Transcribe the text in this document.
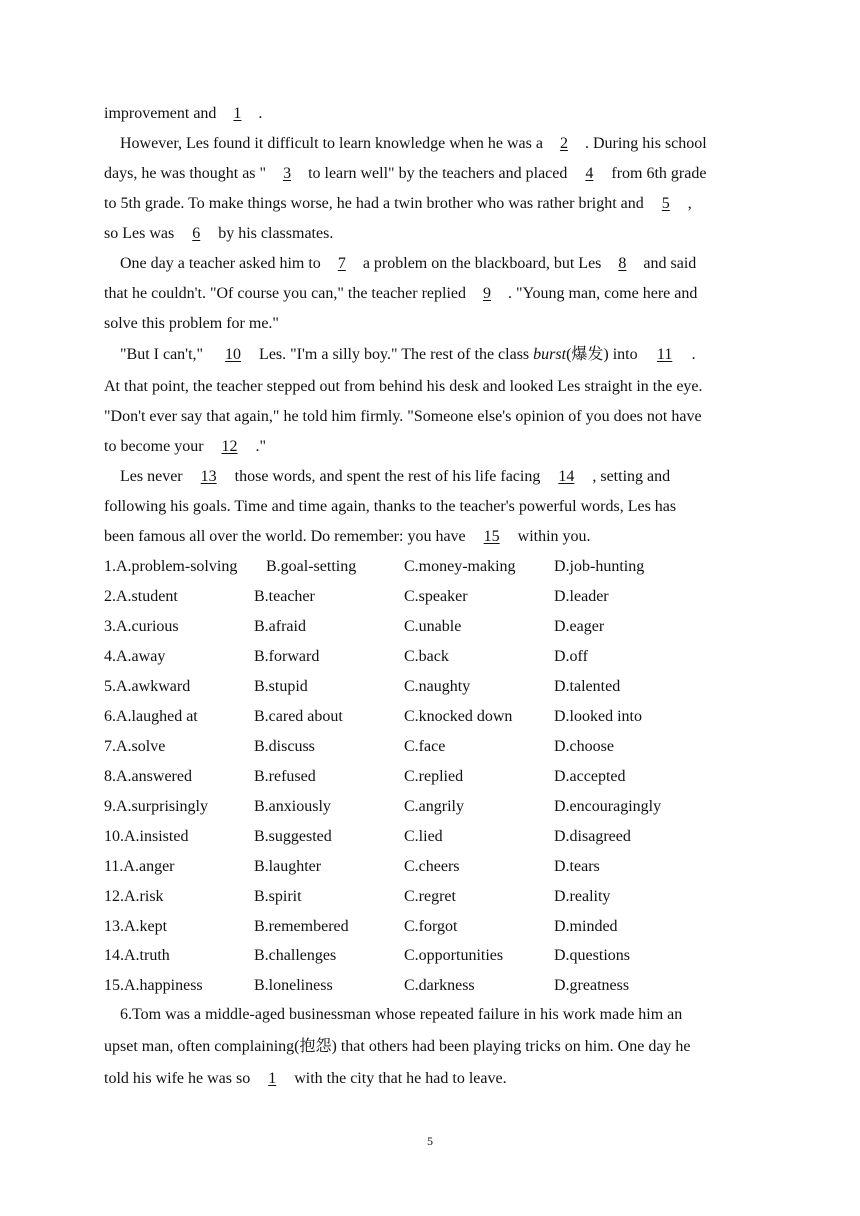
improvement and 1 .
However, Les found it difficult to learn knowledge when he was a 2 . During his school
days, he was thought as " 3 to learn well" by the teachers and placed 4 from 6th grade
to 5th grade. To make things worse, he had a twin brother who was rather bright and 5 ,
so Les was 6 by his classmates.
One day a teacher asked him to 7 a problem on the blackboard, but Les 8 and said
that he couldn't. "Of course you can," the teacher replied 9 . "Young man, come here and
solve this problem for me."
"But I can't," 10 Les. "I'm a silly boy." The rest of the class burst(爆发) into 11 .
At that point, the teacher stepped out from behind his desk and looked Les straight in the eye.
"Don't ever say that again," he told him firmly. "Someone else's opinion of you does not have
to become your 12 ."
Les never 13 those words, and spent the rest of his life facing 14 , setting and
following his goals. Time and time again, thanks to the teacher's powerful words, Les has
been famous all over the world. Do remember: you have 15 within you.
1.A.problem-solving B.goal-setting	C.money-making D.job-hunting
2.A.student	B.teacher	C.speaker	D.leader
3.A.curious	B.afraid	C.unable	D.eager
4.A.away	B.forward	C.back	D.off
5.A.awkward	B.stupid	C.naughty	D.talented
6.A.laughed at	B.cared about	C.knocked down	D.looked into
7.A.solve	B.discuss	C.face	D.choose
8.A.answered	B.refused	C.replied	D.accepted
9.A.surprisingly	B.anxiously	C.angrily	D.encouragingly
10.A.insisted	B.suggested	C.lied	D.disagreed
11.A.anger	B.laughter	C.cheers	D.tears
12.A.risk	B.spirit	C.regret	D.reality
13.A.kept	B.remembered	C.forgot	D.minded
14.A.truth	B.challenges	C.opportunities	D.questions
15.A.happiness	B.loneliness	C.darkness	D.greatness
6.Tom was a middle-aged businessman whose repeated failure in his work made him an
upset man, often complaining(抱怨) that others had been playing tricks on him. One day he
told his wife he was so 1 with the city that he had to leave.
5
